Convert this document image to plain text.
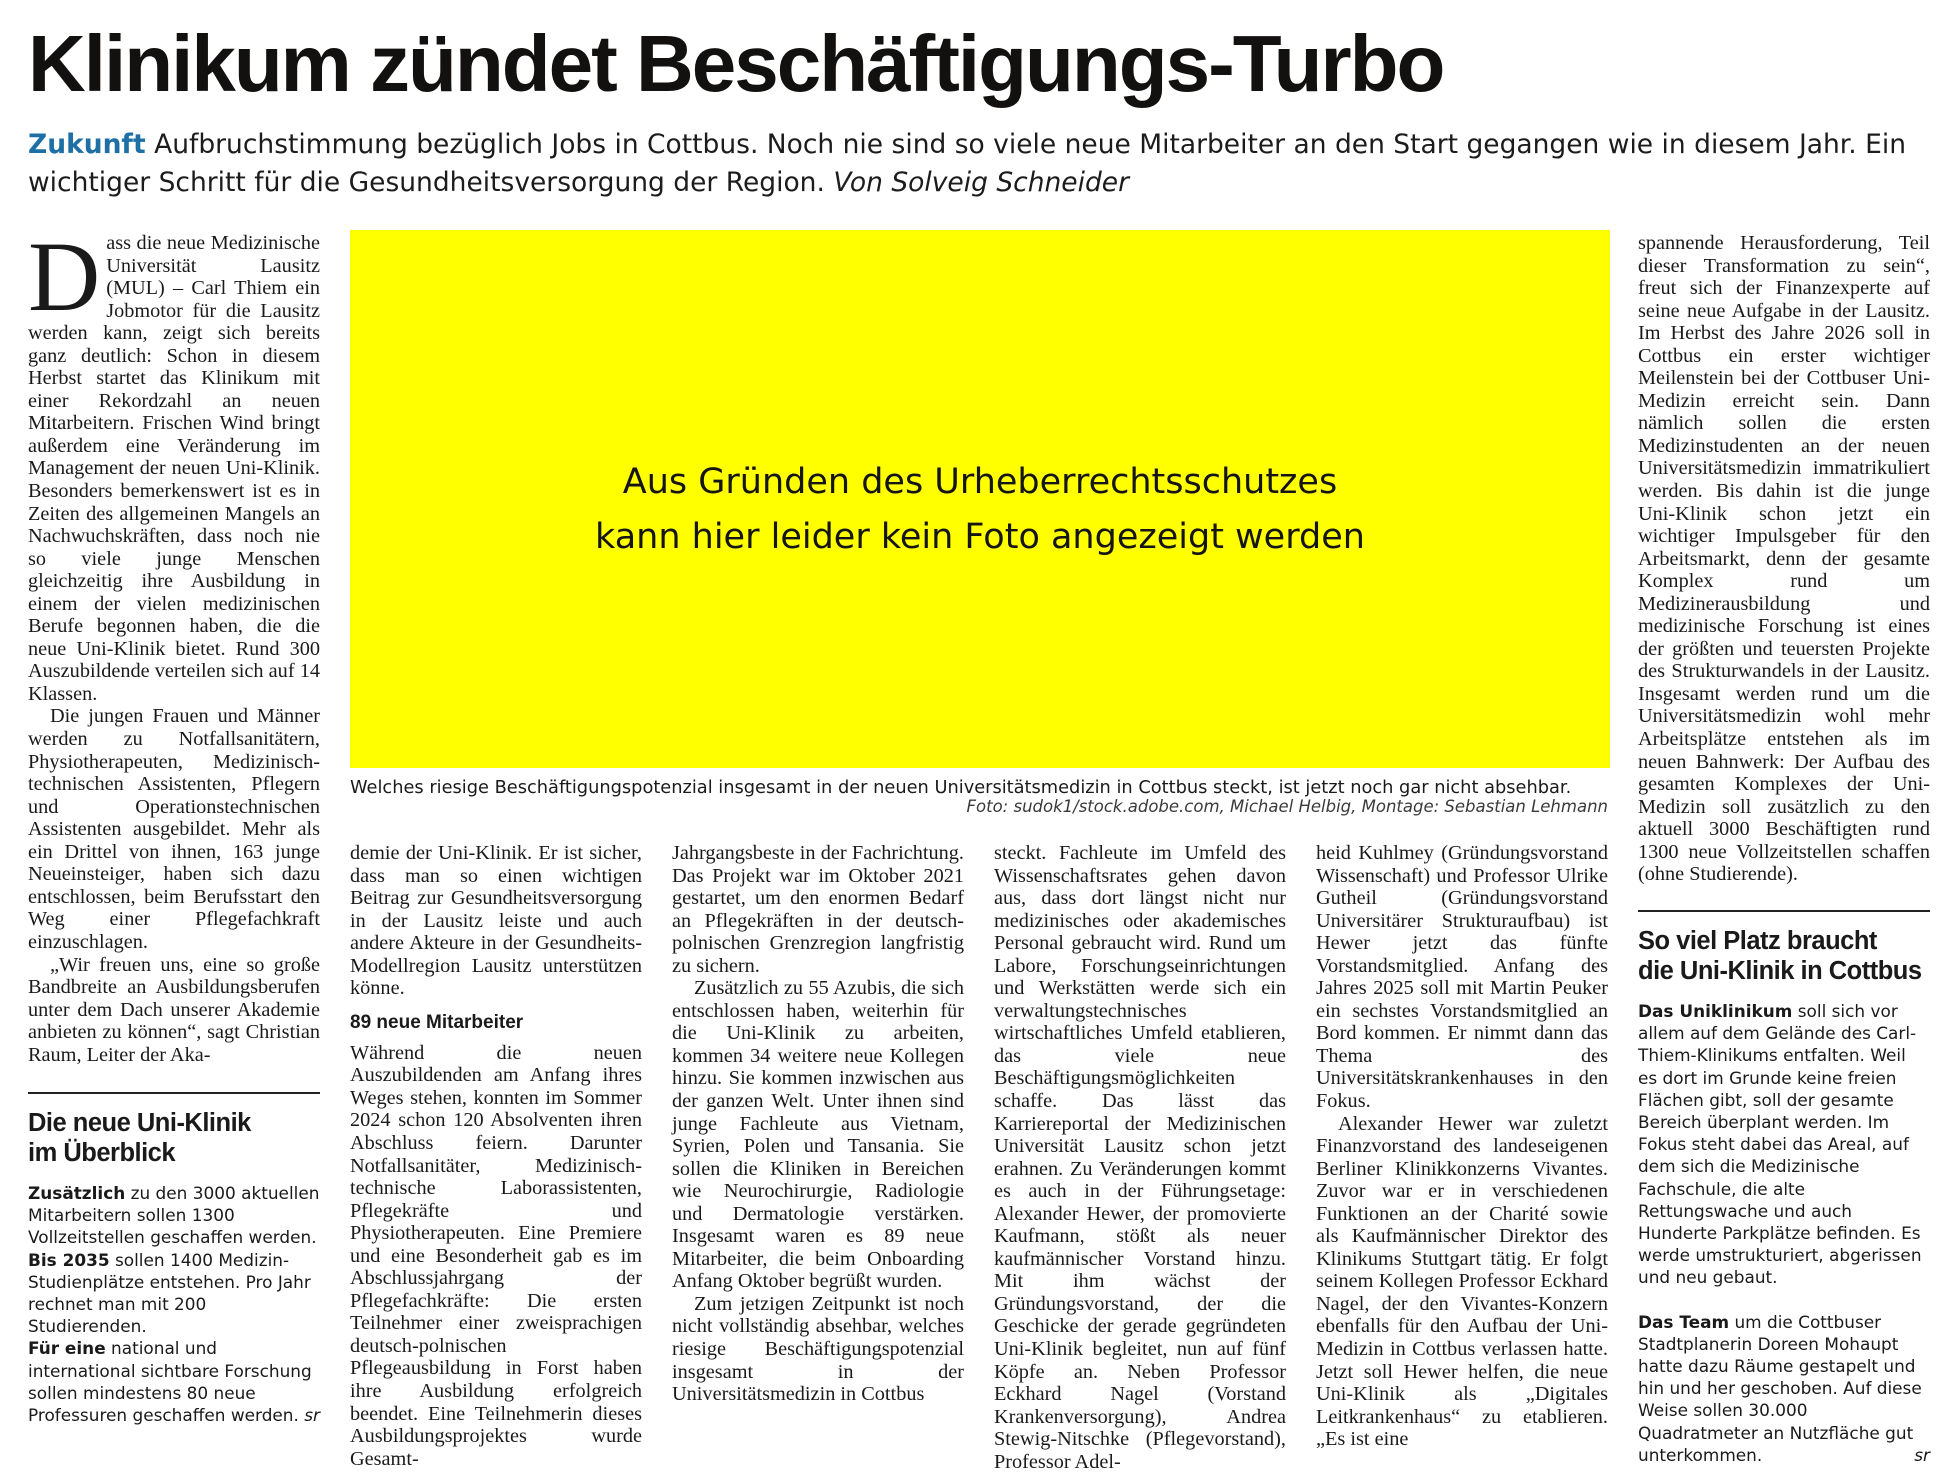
Klinikum zündet Beschäftigungs-Turbo
Zukunft Aufbruchstimmung bezüglich Jobs in Cottbus. Noch nie sind so viele neue Mitarbeiter an den Start gegangen wie in diesem Jahr. Ein wichtiger Schritt für die Gesundheitsversorgung der Region. Von Solveig Schneider
D ass die neue Medizinische Universität Lausitz (MUL) – Carl Thiem ein Jobmotor für die Lausitz werden kann, zeigt sich bereits ganz deutlich: Schon in diesem Herbst startet das Klinikum mit einer Rekordzahl an neuen Mitarbeitern. Frischen Wind bringt außerdem eine Veränderung im Management der neuen Uni-Klinik. Besonders bemerkenswert ist es in Zeiten des allgemeinen Mangels an Nachwuchskräften, dass noch nie so viele junge Menschen gleichzeitig ihre Ausbildung in einem der vielen medizinischen Berufe begonnen haben, die die neue Uni-Klinik bietet. Rund 300 Auszubildende verteilen sich auf 14 Klassen.

Die jungen Frauen und Männer werden zu Notfallsanitätern, Physiotherapeuten, Medizinisch-technischen Assistenten, Pflegern und Operationstechnischen Assistenten ausgebildet. Mehr als ein Drittel von ihnen, 163 junge Neueinsteiger, haben sich dazu entschlossen, beim Berufsstart den Weg einer Pflegefachkraft einzuschlagen.

„Wir freuen uns, eine so große Bandbreite an Ausbildungsberufen unter dem Dach unserer Akademie anbieten zu können“, sagt Christian Raum, Leiter der Aka-

Die neue Uni-Klinik
im Überblick

Zusätzlich zu den 3000 aktuellen Mitarbeitern sollen 1300 Vollzeitstellen geschaffen werden.

Bis 2035 sollen 1400 Medizin-Studienplätze entstehen. Pro Jahr rechnet man mit 200 Studierenden.

Für eine national und international sichtbare Forschung sollen mindestens 80 neue Professuren geschaffen werden. sr

Aus Gründen des Urheberrechtsschutzes
kann hier leider kein Foto angezeigt werden
Welches riesige Beschäftigungspotenzial insgesamt in der neuen Universitätsmedizin in Cottbus steckt, ist jetzt noch gar nicht absehbar.
Foto: sudok1/stock.adobe.com, Michael Helbig, Montage: Sebastian Lehmann

demie der Uni-Klinik. Er ist sicher, dass man so einen wichtigen Beitrag zur Gesundheitsversorgung in der Lausitz leiste und auch andere Akteure in der Gesundheits-Modellregion Lausitz unterstützen könne.

89 neue Mitarbeiter

Während die neuen Auszubildenden am Anfang ihres Weges stehen, konnten im Sommer 2024 schon 120 Absolventen ihren Abschluss feiern. Darunter Notfallsanitäter, Medizinisch-technische Laborassistenten, Pflegekräfte und Physiotherapeuten. Eine Premiere und eine Besonderheit gab es im Abschlussjahrgang der Pflegefachkräfte: Die ersten Teilnehmer einer zweisprachigen deutsch-polnischen Pflegeausbildung in Forst haben ihre Ausbildung erfolgreich beendet. Eine Teilnehmerin dieses Ausbildungsprojektes wurde Gesamt-

Jahrgangsbeste in der Fachrichtung. Das Projekt war im Oktober 2021 gestartet, um den enormen Bedarf an Pflegekräften in der deutsch-polnischen Grenzregion langfristig zu sichern.

Zusätzlich zu 55 Azubis, die sich entschlossen haben, weiterhin für die Uni-Klinik zu arbeiten, kommen 34 weitere neue Kollegen hinzu. Sie kommen inzwischen aus der ganzen Welt. Unter ihnen sind junge Fachleute aus Vietnam, Syrien, Polen und Tansania. Sie sollen die Kliniken in Bereichen wie Neurochirurgie, Radiologie und Dermatologie verstärken. Insgesamt waren es 89 neue Mitarbeiter, die beim Onboarding Anfang Oktober begrüßt wurden.

Zum jetzigen Zeitpunkt ist noch nicht vollständig absehbar, welches riesige Beschäftigungspotenzial insgesamt in der Universitätsmedizin in Cottbus

steckt. Fachleute im Umfeld des Wissenschaftsrates gehen davon aus, dass dort längst nicht nur medizinisches oder akademisches Personal gebraucht wird. Rund um Labore, Forschungseinrichtungen und Werkstätten werde sich ein verwaltungstechnisches wirtschaftliches Umfeld etablieren, das viele neue Beschäftigungsmöglichkeiten schaffe. Das lässt das Karriereportal der Medizinischen Universität Lausitz schon jetzt erahnen. Zu Veränderungen kommt es auch in der Führungsetage: Alexander Hewer, der promovierte Kaufmann, stößt als neuer kaufmännischer Vorstand hinzu. Mit ihm wächst der Gründungsvorstand, der die Geschicke der gerade gegründeten Uni-Klinik begleitet, nun auf fünf Köpfe an. Neben Professor Eckhard Nagel (Vorstand Krankenversorgung), Andrea Stewig-Nitschke (Pflegevorstand), Professor Adel-

heid Kuhlmey (Gründungsvorstand Wissenschaft) und Professor Ulrike Gutheil (Gründungsvorstand Universitärer Strukturaufbau) ist Hewer jetzt das fünfte Vorstandsmitglied. Anfang des Jahres 2025 soll mit Martin Peuker ein sechstes Vorstandsmitglied an Bord kommen. Er nimmt dann das Thema des Universitätskrankenhauses in den Fokus.

Alexander Hewer war zuletzt Finanzvorstand des landeseigenen Berliner Klinikkonzerns Vivantes. Zuvor war er in verschiedenen Funktionen an der Charité sowie als Kaufmännischer Direktor des Klinikums Stuttgart tätig. Er folgt seinem Kollegen Professor Eckhard Nagel, der den Vivantes-Konzern ebenfalls für den Aufbau der Uni-Medizin in Cottbus verlassen hatte. Jetzt soll Hewer helfen, die neue Uni-Klinik als „Digitales Leitkrankenhaus“ zu etablieren. „Es ist eine

spannende Herausforderung, Teil dieser Transformation zu sein“, freut sich der Finanzexperte auf seine neue Aufgabe in der Lausitz. Im Herbst des Jahre 2026 soll in Cottbus ein erster wichtiger Meilenstein bei der Cottbuser Uni-Medizin erreicht sein. Dann nämlich sollen die ersten Medizinstudenten an der neuen Universitätsmedizin immatrikuliert werden. Bis dahin ist die junge Uni-Klinik schon jetzt ein wichtiger Impulsgeber für den Arbeitsmarkt, denn der gesamte Komplex rund um Medizinerausbildung und medizinische Forschung ist eines der größten und teuersten Projekte des Strukturwandels in der Lausitz. Insgesamt werden rund um die Universitätsmedizin wohl mehr Arbeitsplätze entstehen als im neuen Bahnwerk: Der Aufbau des gesamten Komplexes der Uni-Medizin soll zusätzlich zu den aktuell 3000 Beschäftigten rund 1300 neue Vollzeitstellen schaffen (ohne Studierende).

So viel Platz braucht
die Uni-Klinik in Cottbus

Das Uniklinikum soll sich vor allem auf dem Gelände des Carl-Thiem-Klinikums entfalten. Weil es dort im Grunde keine freien Flächen gibt, soll der gesamte Bereich überplant werden. Im Fokus steht dabei das Areal, auf dem sich die Medizinische Fachschule, die alte Rettungswache und auch Hunderte Parkplätze befinden. Es werde umstrukturiert, abgerissen und neu gebaut.

Das Team um die Cottbuser Stadtplanerin Doreen Mohaupt hatte dazu Räume gestapelt und hin und her geschoben. Auf diese Weise sollen 30.000 Quadratmeter an Nutzfläche gut unterkommen.	sr
